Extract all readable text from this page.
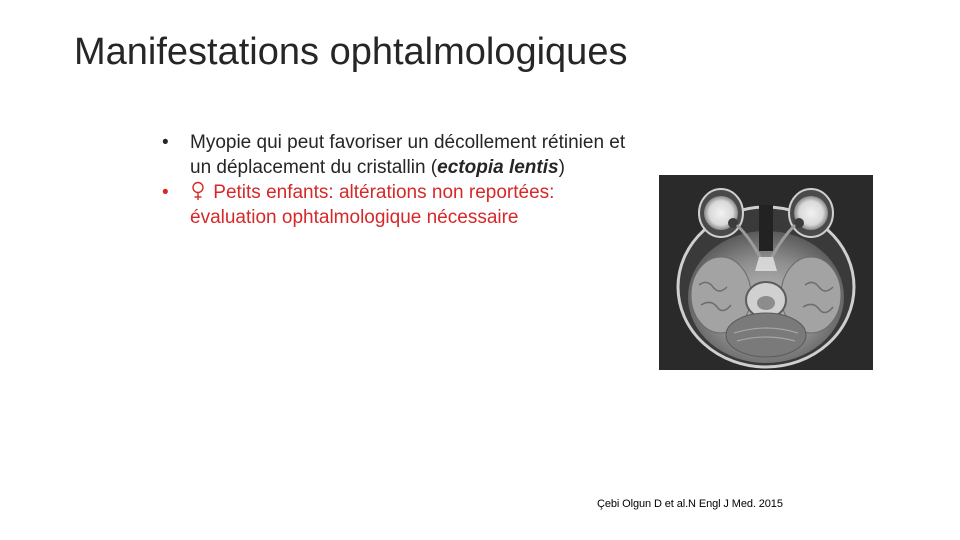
Manifestations ophtalmologiques
• Myopie qui peut favoriser un décollement rétinien et un déplacement du cristallin (ectopia lentis)
• Petits enfants: altérations non reportées: évaluation ophtalmologique nécessaire
Çebi Olgun D et al.N Engl J Med. 2015
